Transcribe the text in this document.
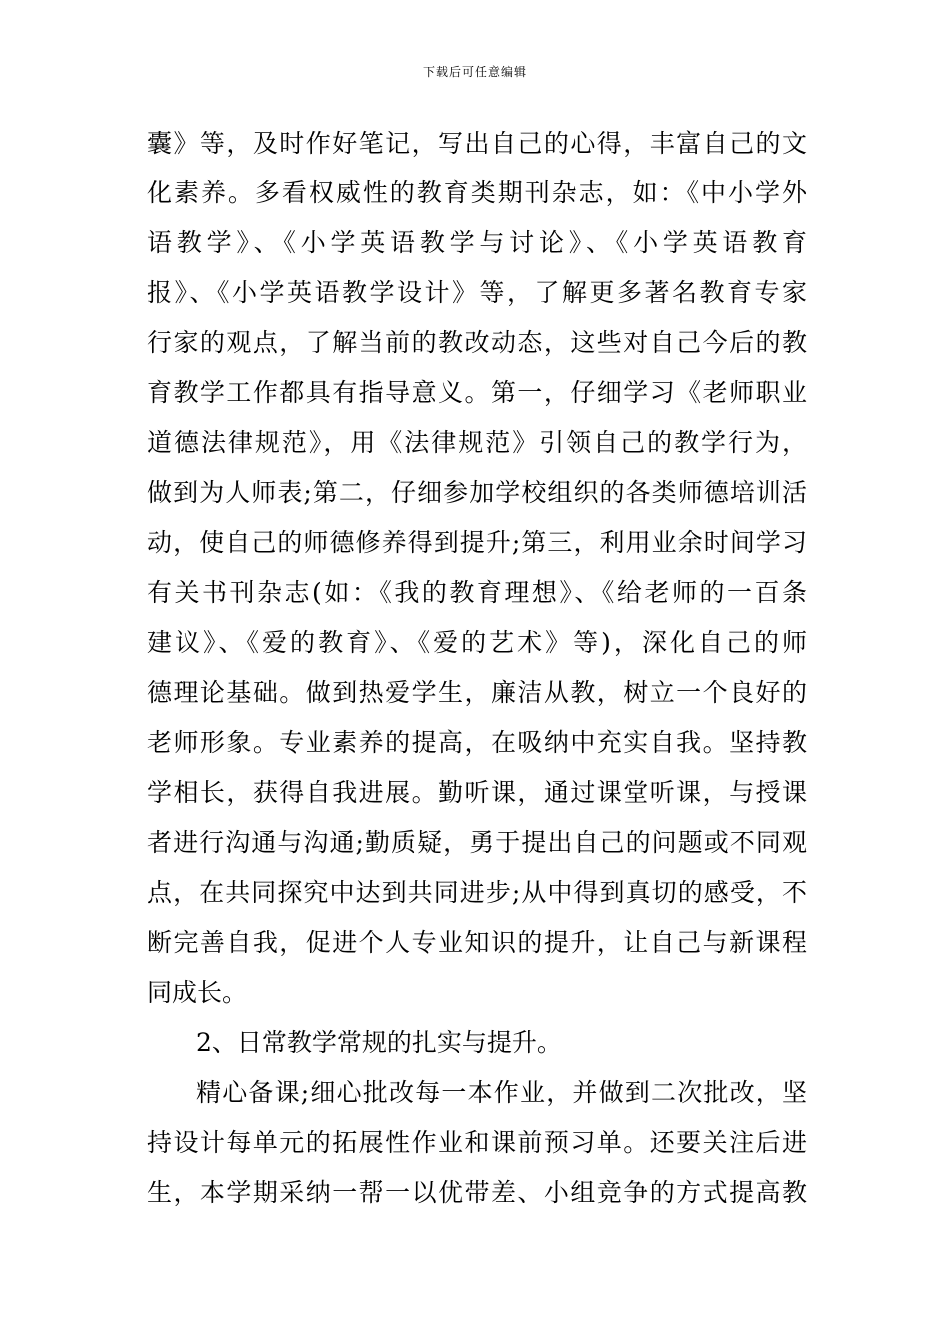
下载后可任意编辑
囊》等，及时作好笔记，写出自己的心得，丰富自己的文
化素养。多看权威性的教育类期刊杂志，如：《中小学外
语教学》、《小学英语教学与讨论》、《小学英语教育
报》、《小学英语教学设计》等，了解更多著名教育专家
行家的观点，了解当前的教改动态，这些对自己今后的教
育教学工作都具有指导意义。第一，仔细学习《老师职业
道德法律规范》，用《法律规范》引领自己的教学行为，
做到为人师表;第二，仔细参加学校组织的各类师德培训活
动，使自己的师德修养得到提升;第三，利用业余时间学习
有关书刊杂志(如：《我的教育理想》、《给老师的一百条
建议》、《爱的教育》、《爱的艺术》等)，深化自己的师
德理论基础。做到热爱学生，廉洁从教，树立一个良好的
老师形象。专业素养的提高，在吸纳中充实自我。坚持教
学相长，获得自我进展。勤听课，通过课堂听课，与授课
者进行沟通与沟通;勤质疑，勇于提出自己的问题或不同观
点，在共同探究中达到共同进步;从中得到真切的感受，不
断完善自我，促进个人专业知识的提升，让自己与新课程
同成长。
2、日常教学常规的扎实与提升。
精心备课;细心批改每一本作业，并做到二次批改，坚
持设计每单元的拓展性作业和课前预习单。还要关注后进
生，本学期采纳一帮一以优带差、小组竞争的方式提高教
